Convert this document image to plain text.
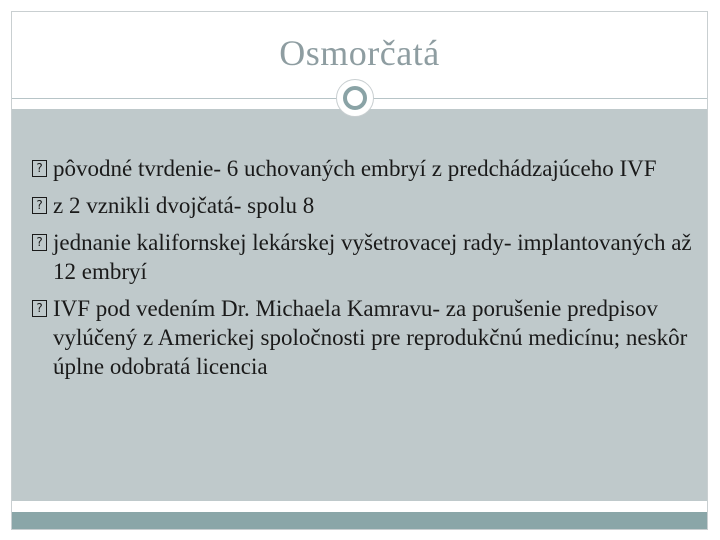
Osmorčatá
? pôvodné tvrdenie- 6 uchovaných embryí z predchádzajúceho IVF
? z 2 vznikli dvojčatá- spolu 8
? jednanie kalifornskej lekárskej vyšetrovacej rady- implantovaných až 12 embryí
? IVF pod vedením Dr. Michaela Kamravu- za porušenie predpisov vylúčený z Americkej spoločnosti pre reprodukčnú medicínu; neskôr úplne odobratá licencia
